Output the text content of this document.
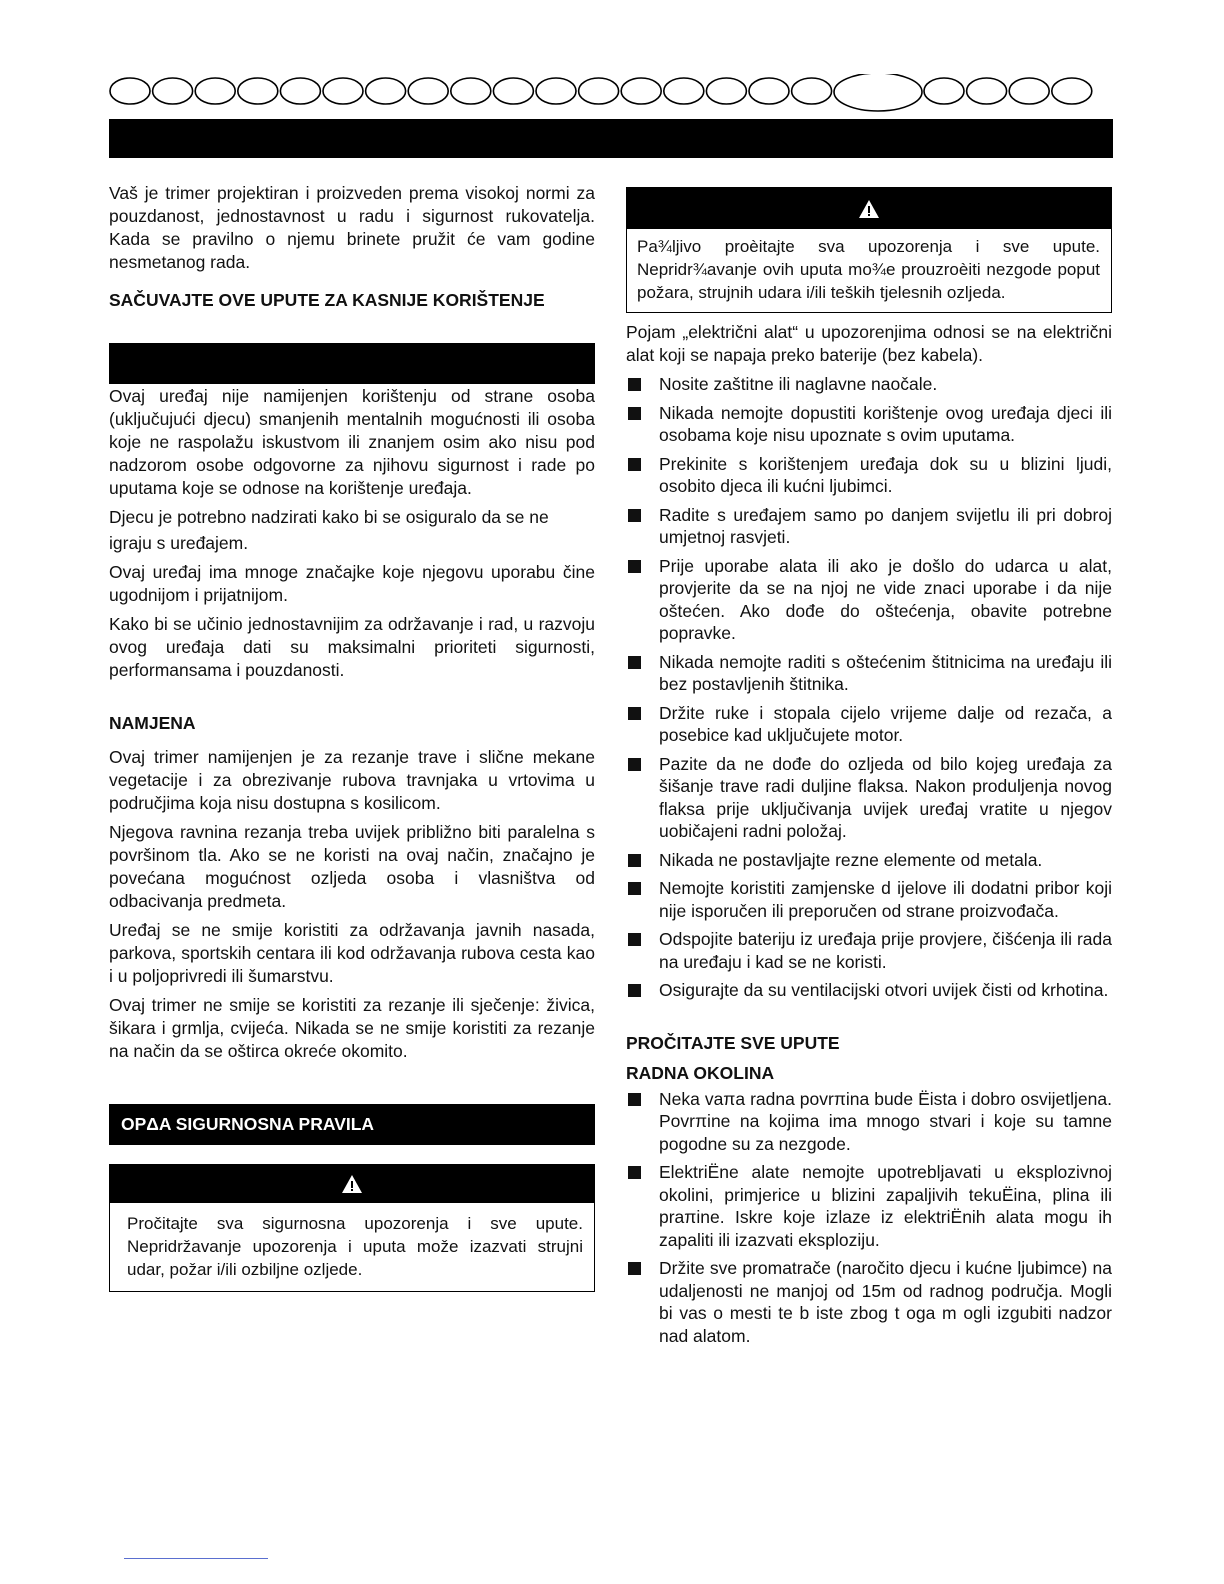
Vaš je trimer projektiran i proizveden prema visokoj normi za pouzdanost, jednostavnost u radu i sigurnost rukovatelja. Kada se pravilno o njemu brinete pružit će vam godine nesmetanog rada.

SAČUVAJTE OVE UPUTE ZA KASNIJE KORIŠTENJE

Ovaj uređaj nije namijenjen korištenju od strane osoba (uključujući djecu) smanjenih mentalnih mogućnosti ili osoba koje ne raspolažu iskustvom ili znanjem osim ako nisu pod nadzorom osobe odgovorne za njihovu sigurnost i rade po uputama koje se odnose na korištenje uređaja.

Djecu je potrebno nadzirati kako bi se osiguralo da se ne

igraju s uređajem.

Ovaj uređaj ima mnoge značajke koje njegovu uporabu čine ugodnijom i prijatnijom.

Kako bi se učinio jednostavnijim za održavanje i rad, u razvoju ovog uređaja dati su maksimalni prioriteti sigurnosti, performansama i pouzdanosti.

NAMJENA

Ovaj trimer namijenjen je za rezanje trave i slične mekane vegetacije i za obrezivanje rubova travnjaka u vrtovima u područjima koja nisu dostupna s kosilicom.

Njegova ravnina rezanja treba uvijek približno biti paralelna s površinom tla. Ako se ne koristi na ovaj način, značajno je povećana mogućnost ozljeda osoba i vlasništva od odbacivanja predmeta.

Uređaj se ne smije koristiti za održavanja javnih nasada, parkova, sportskih centara ili kod održavanja rubova cesta kao i u poljoprivredi ili šumarstvu.

Ovaj trimer ne smije se koristiti za rezanje ili sječenje: živica, šikara i grmlja, cvijeća. Nikada se ne smije koristiti za rezanje na način da se oštirca okreće okomito.

OPΔA SIGURNOSNA PRAVILA

Pročitajte sva sigurnosna upozorenja i sve upute. Nepridržavanje upozorenja i uputa može izazvati strujni udar, požar i/ili ozbiljne ozljede.

Pa¾ljivo proèitajte sva upozorenja i sve upute. Nepridr¾avanje ovih uputa mo¾e prouzroèiti nezgode poput požara, strujnih udara i/ili teških tjelesnih ozljeda.

Pojam „električni alat“ u upozorenjima odnosi se na električni alat koji se napaja preko baterije (bez kabela).

Nosite zaštitne ili naglavne naočale.
Nikada nemojte dopustiti korištenje ovog uređaja djeci ili osobama koje nisu upoznate s ovim uputama.
Prekinite s korištenjem uređaja dok su u blizini ljudi, osobito djeca ili kućni ljubimci.
Radite s uređajem samo po danjem svijetlu ili pri dobroj umjetnoj rasvjeti.
Prije uporabe alata ili ako je došlo do udarca u alat, provjerite da se na njoj ne vide znaci uporabe i da nije oštećen. Ako dođe do oštećenja, obavite potrebne popravke.
Nikada nemojte raditi s oštećenim štitnicima na uređaju ili bez postavljenih štitnika.
Držite ruke i stopala cijelo vrijeme dalje od rezača, a posebice kad uključujete motor.
Pazite da ne dođe do ozljeda od bilo kojeg uređaja za šišanje trave radi duljine flaksa. Nakon produljenja novog flaksa prije uključivanja uvijek uređaj vratite u njegov uobičajeni radni položaj.
Nikada ne postavljajte rezne elemente od metala.
Nemojte koristiti zamjenske d ijelove ili dodatni pribor koji nije isporučen ili preporučen od strane proizvođača.
Odspojite bateriju iz uređaja prije provjere, čišćenja ili rada na uređaju i kad se ne koristi.
Osigurajte da su ventilacijski otvori uvijek čisti od krhotina.

PROČITAJTE SVE UPUTE

RADNA OKOLINA

Neka vaπa radna povrπina bude Ëista i dobro osvijetljena. Povrπine na kojima ima mnogo stvari i koje su tamne pogodne su za nezgode.
ElektriËne alate nemojte upotrebljavati u eksplozivnoj okolini, primjerice u blizini zapaljivih tekuËina, plina ili praπine. Iskre koje izlaze iz elektriËnih alata mogu ih zapaliti ili izazvati eksploziju.
Držite sve promatrače (naročito djecu i kućne ljubimce) na udaljenosti ne manjoj od 15m od radnog područja. Mogli bi vas o mesti te b iste zbog t oga m ogli izgubiti nadzor nad alatom.
